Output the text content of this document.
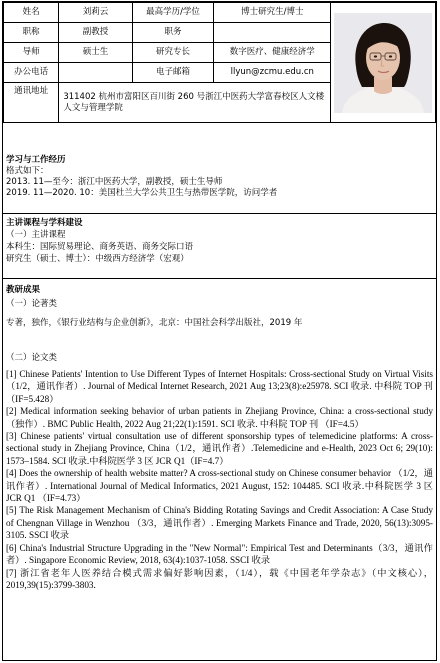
姓名	刘莉云	最高学历/学位	博士研究生/博士	

职称	副教授	职务		
导师	硕士生	研究专长	数字医疗、健康经济学	
办公电话		电子邮箱	llyun@zcmu.edu.cn	
通讯地址	311402 杭州市富阳区百川街 260 号浙江中医药大学富春校区人文楼 人文与管理学院			
学习与工作经历
格式如下：
2013. 11—至今：浙江中医药大学，副教授，硕士生导师
2019. 11—2020. 10：美国杜兰大学公共卫生与热带医学院，访问学者
主讲课程与学科建设
（一）主讲课程
本科生：国际贸易理论、商务英语、商务交际口语
研究生（硕士、博士）：中级西方经济学（宏观）
教研成果
（一）论著类
专著，独作，《银行业结构与企业创新》，北京：中国社会科学出版社，2019 年
（二）论文类
[1] Chinese Patients' Intention to Use Different Types of Internet Hospitals: Cross-sectional Study on Virtual Visits （1/2，通讯作者）. Journal of Medical Internet Research, 2021 Aug 13;23(8):e25978. SCI 收录. 中科院 TOP 刊 （IF=5.428）
[2] Medical information seeking behavior of urban patients in Zhejiang Province, China: a cross-sectional study （独作）. BMC Public Health, 2022 Aug 21;22(1):1591. SCI 收录. 中科院 TOP 刊 （IF=4.5）
[3] Chinese patients' virtual consultation use of different sponsorship types of telemedicine platforms: A cross-sectional study in Zhejiang Province, China（1/2，通讯作者）.Telemedicine and e-Health, 2023 Oct 6; 29(10): 1573–1584. SCI 收录.中科院医学 3 区 JCR Q1（IF=4.7）
[4] Does the ownership of health website matter? A cross-sectional study on Chinese consumer behavior （1/2，通讯作者）. International Journal of Medical Informatics, 2021 August, 152: 104485. SCI 收录.中科院医学 3 区 JCR Q1 （IF=4.73）
[5] The Risk Management Mechanism of China's Bidding Rotating Savings and Credit Association: A Case Study of Chengnan Village in Wenzhou （3/3，通讯作者）. Emerging Markets Finance and Trade, 2020, 56(13):3095-3105. SSCI 收录
[6] China's Industrial Structure Upgrading in the "New Normal": Empirical Test and Determinants（3/3，通讯作者）. Singapore Economic Review, 2018, 63(4):1037-1058. SSCI 收录
[7] 浙江省老年人医养结合模式需求偏好影响因素，（1/4），载《中国老年学杂志》（中文核心），2019,39(15):3799-3803.
